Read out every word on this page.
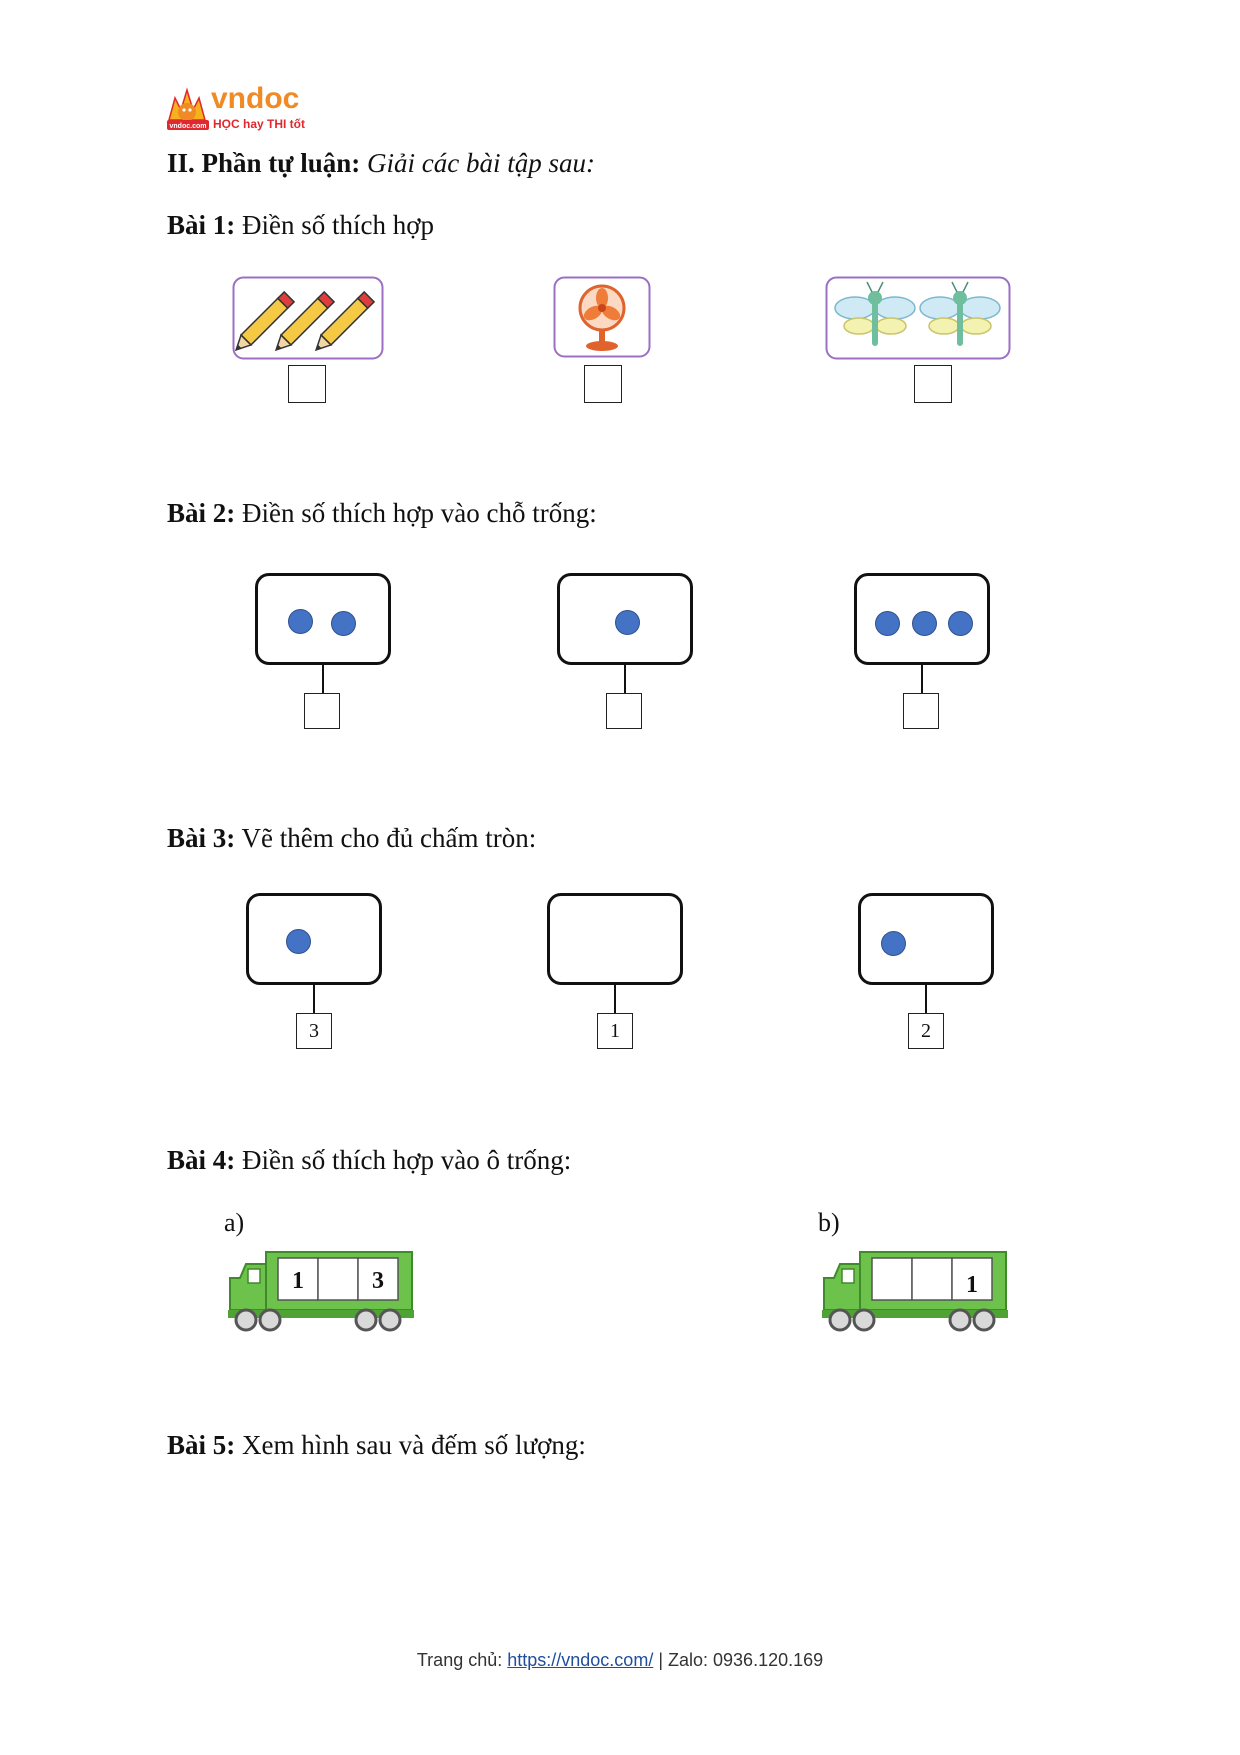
vndoc.com
vndoc
HỌC hay THI tốt
II. Phần tự luận: Giải các bài tập sau:
Bài 1: Điền số thích hợp
Bài 2: Điền số thích hợp vào chỗ trống:
Bài 3: Vẽ thêm cho đủ chấm tròn:
Bài 4: Điền số thích hợp vào ô trống:
Bài 5: Xem hình sau và đếm số lượng:
3	1	2
a)
1	3
b)
1
Trang chủ: https://vndoc.com/ | Zalo: 0936.120.169
